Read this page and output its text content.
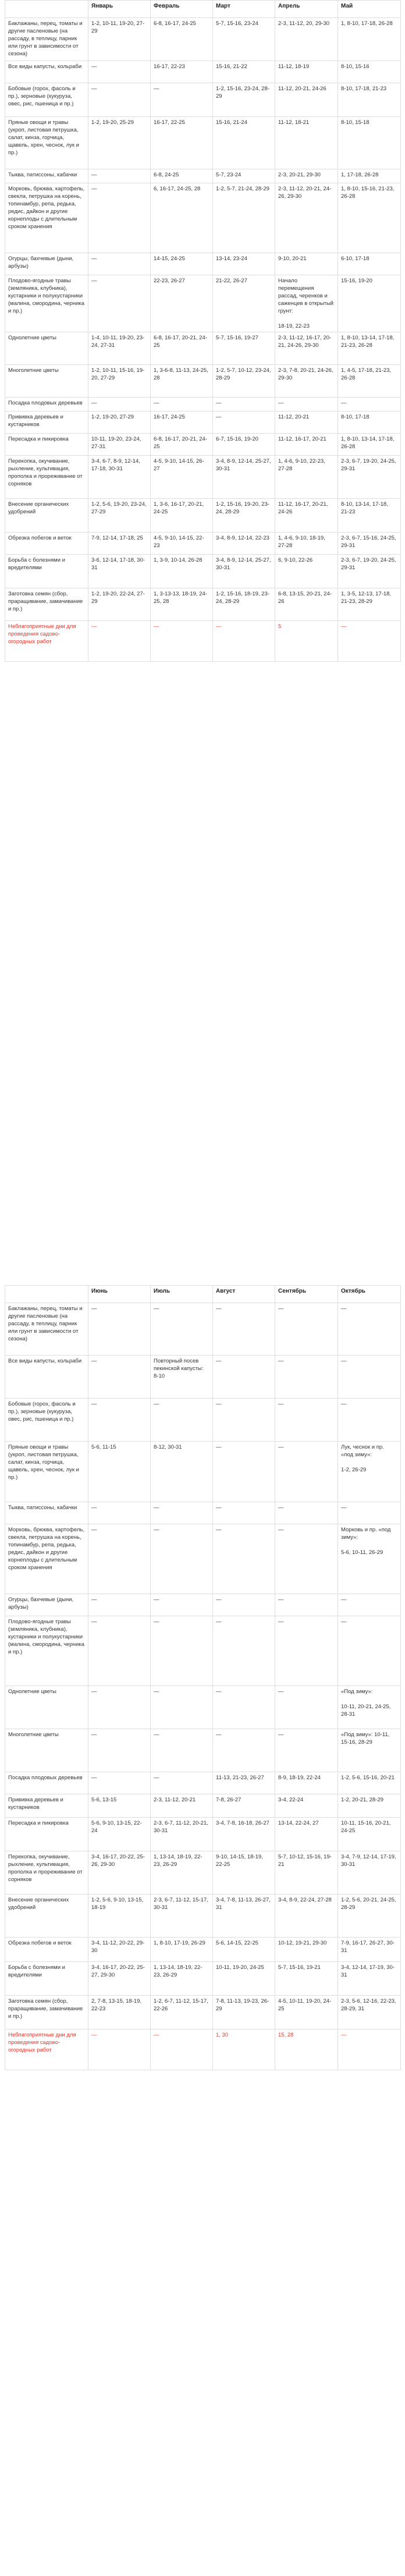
	Январь	Февраль	Март	Апрель	Май
Баклажаны, перец, томаты и другие пасленовые (на рассаду, в теплицу, парник или грунт в зависимости от сезона)	1-2, 10-11, 19-20, 27-29	6-8, 16-17, 24-25	5-7, 15-16, 23-24	2-3, 11-12, 20, 29-30	1, 8-10, 17-18, 26-28
Все виды капусты, кольраби	—	16-17, 22-23	15-16, 21-22	11-12, 18-19	8-10, 15-16
Бобовые (горох, фасоль и пр.), зерновые (кукуруза, овес, рис, пшеница и пр.)	—	—	1-2, 15-16, 23-24, 28-29	11-12, 20-21, 24-26	8-10, 17-18, 21-23
Пряные овощи и травы (укроп, листовая петрушка, салат, кинза, горчица, щавель, хрен, чеснок, лук и пр.)	1-2, 19-20, 25-29	16-17, 22-25	15-16, 21-24	11-12, 18-21	8-10, 15-18
Тыква, патиссоны, кабачки	—	6-8, 24-25	5-7, 23-24	2-3, 20-21, 29-30	1, 17-18, 26-28
Морковь, брюква, картофель, свекла, петрушка на корень, топинамбур, репа, редька, редис, дайкон и другие корнеплоды с длительным сроком хранения	—	6, 16-17, 24-25, 28	1-2, 5-7, 21-24, 28-29	2-3, 11-12, 20-21, 24-26, 29-30	1, 8-10, 15-16, 21-23, 26-28
Огурцы, бахчевые (дыни, арбузы)	—	14-15, 24-25	13-14, 23-24	9-10, 20-21	6-10, 17-18
Плодово-ягодные травы (земляника, клубника), кустарники и полукустарники (малина, смородина, черника и пр.)	—	22-23, 26-27	21-22, 26-27	Начало перемещения рассад, черенков и саженцев в открытый грунт:

18-19, 22-23	15-16, 19-20
Однолетние цветы	1-4, 10-11, 19-20, 23-24, 27-31	6-8, 16-17, 20-21, 24-25	5-7, 15-16, 19-27	2-3, 11-12, 16-17, 20-21, 24-26, 29-30	1, 8-10, 13-14, 17-18, 21-23, 26-28
Многолетние цветы	1-2, 10-11, 15-16, 19-20, 27-29	1, 3-6-8, 11-13, 24-25, 28	1-2, 5-7, 10-12, 23-24, 28-29	2-3, 7-8, 20-21, 24-26, 29-30	1, 4-5, 17-18, 21-23, 26-28
Посадка плодовых деревьев	—	—	—	—	—
Прививка деревьев и кустарников	1-2, 19-20, 27-29	16-17, 24-25	—	11-12, 20-21	8-10, 17-18
Пересадка и пикировка	10-11, 19-20, 23-24, 27-31	6-8, 16-17, 20-21, 24-25	6-7, 15-16, 19-20	11-12, 16-17, 20-21	1, 8-10, 13-14, 17-18, 26-28
Перекопка, окучивание, рыхление, культивация, прополка и прореживание от сорняков	3-4, 6-7, 8-9, 12-14, 17-18, 30-31	4-5, 9-10, 14-15, 26-27	3-4, 8-9, 12-14, 25-27, 30-31	1, 4-6, 9-10, 22-23, 27-28	2-3, 6-7, 19-20, 24-25, 29-31
Внесение органических удобрений	1-2, 5-6, 19-20, 23-24, 27-29	1, 3-6, 16-17, 20-21, 24-25	1-2, 15-16, 19-20, 23-24, 28-29	11-12, 16-17, 20-21, 24-26	8-10, 13-14, 17-18, 21-23
Обрезка побегов и веток	7-9, 12-14, 17-18, 25	4-5, 9-10, 14-15, 22-23	3-4, 8-9, 12-14, 22-23	1, 4-6, 9-10, 18-19, 27-28	2-3, 6-7, 15-16, 24-25, 29-31
Борьба с болезнями и вредителями	3-6, 12-14, 17-18, 30-31	1, 3-9, 10-14, 26-28	3-4, 8-9, 12-14, 25-27, 30-31	6, 9-10, 22-26	2-3, 6-7, 19-20, 24-25, 29-31
Заготовка семян (сбор, праращивание, замачивание и пр.)	1-2, 19-20, 22-24, 27-29	1, 3-13-13, 18-19, 24-25, 28	1-2, 15-16, 18-19, 23-24, 28-29	6-8, 13-15, 20-21, 24-26	1, 3-5, 12-13, 17-18, 21-23, 28-29
Неблагоприятные дни для проведения садово-огородных работ	—	—	—	5	—
	Июнь	Июль	Август	Сентябрь	Октябрь
Баклажаны, перец, томаты и другие пасленовые (на рассаду, в теплицу, парник или грунт в зависимости от сезона)	—	—	—	—	—
Все виды капусты, кольраби	—	Повторный посев пекинской капусты: 8-10	—	—	—
Бобовые (горох, фасоль и пр.), зерновые (кукуруза, овес, рис, пшеница и пр.)	—	—	—	—	—
Пряные овощи и травы (укроп, листовая петрушка, салат, кинза, горчица, щавель, хрен, чеснок, лук и пр.)	5-6, 11-15	8-12, 30-31	—	—	Лук, чеснок и пр. «под зиму»:

1-2, 26-29
Тыква, патиссоны, кабачки	—	—	—	—	—
Морковь, брюква, картофель, свекла, петрушка на корень, топинамбур, репа, редька, редис, дайкон и другие корнеплоды с длительным сроком хранения	—	—	—	—	Морковь и пр. «под зиму»:

5-6, 10-11, 26-29
Огурцы, бахчевые (дыни, арбузы)	—	—	—	—	—
Плодово-ягодные травы (земляника, клубника), кустарники и полукустарники (малина, смородина, черника и пр.)	—	—	—	—	—
Однолетние цветы	—	—	—	—	«Под зиму»:

10-11, 20-21, 24-25, 28-31
Многолетние цветы	—	—	—	—	«Под зиму»: 10-11, 15-16, 28-29
Посадка плодовых деревьев	—	—	11-13, 21-23, 26-27	8-9, 18-19, 22-24	1-2, 5-6, 15-16, 20-21
Прививка деревьев и кустарников	5-6, 13-15	2-3, 11-12, 20-21	7-8, 26-27	3-4, 22-24	1-2, 20-21, 28-29
Пересадка и пикировка	5-6, 9-10, 13-15, 22-24	2-3, 6-7, 11-12, 20-21, 30-31	3-4, 7-8, 16-18, 26-27	13-14, 22-24, 27	10-11, 15-16, 20-21, 24-25
Перекопка, окучивание, рыхление, культивация, прополка и прореживание от сорняков	3-4, 16-17, 20-22, 25-26, 29-30	1, 13-14, 18-19, 22-23, 26-29	9-10, 14-15, 18-19, 22-25	5-7, 10-12, 15-16, 19-21	3-4, 7-9, 12-14, 17-19, 30-31
Внесение органических удобрений	1-2, 5-6, 9-10, 13-15, 18-19	2-3, 6-7, 11-12, 15-17, 30-31	3-4, 7-8, 11-13, 26-27, 31	3-4, 8-9, 22-24, 27-28	1-2, 5-6, 20-21, 24-25, 28-29
Обрезка побегов и веток	3-4, 11-12, 20-22, 29-30	1, 8-10, 17-19, 26-29	5-6, 14-15, 22-25	10-12, 19-21, 29-30	7-9, 16-17, 26-27, 30-31
Борьба с болезнями и вредителями	3-4, 16-17, 20-22, 25-27, 29-30	1, 13-14, 18-19, 22-23, 26-29	10-11, 19-20, 24-25	5-7, 15-16, 19-21	3-4, 12-14, 17-19, 30-31
Заготовка семян (сбор, праращивание, замачивание и пр.)	2, 7-8, 13-15, 18-19, 22-23	1-2, 6-7, 11-12, 15-17, 22-26	7-8, 11-13, 19-23, 26-29	4-5, 10-11, 19-20, 24-25	2-3, 5-6, 12-16, 22-23, 28-29, 31
Неблагоприятные дни для проведения садово-огородных работ	—	—	1, 30	15, 28	—
